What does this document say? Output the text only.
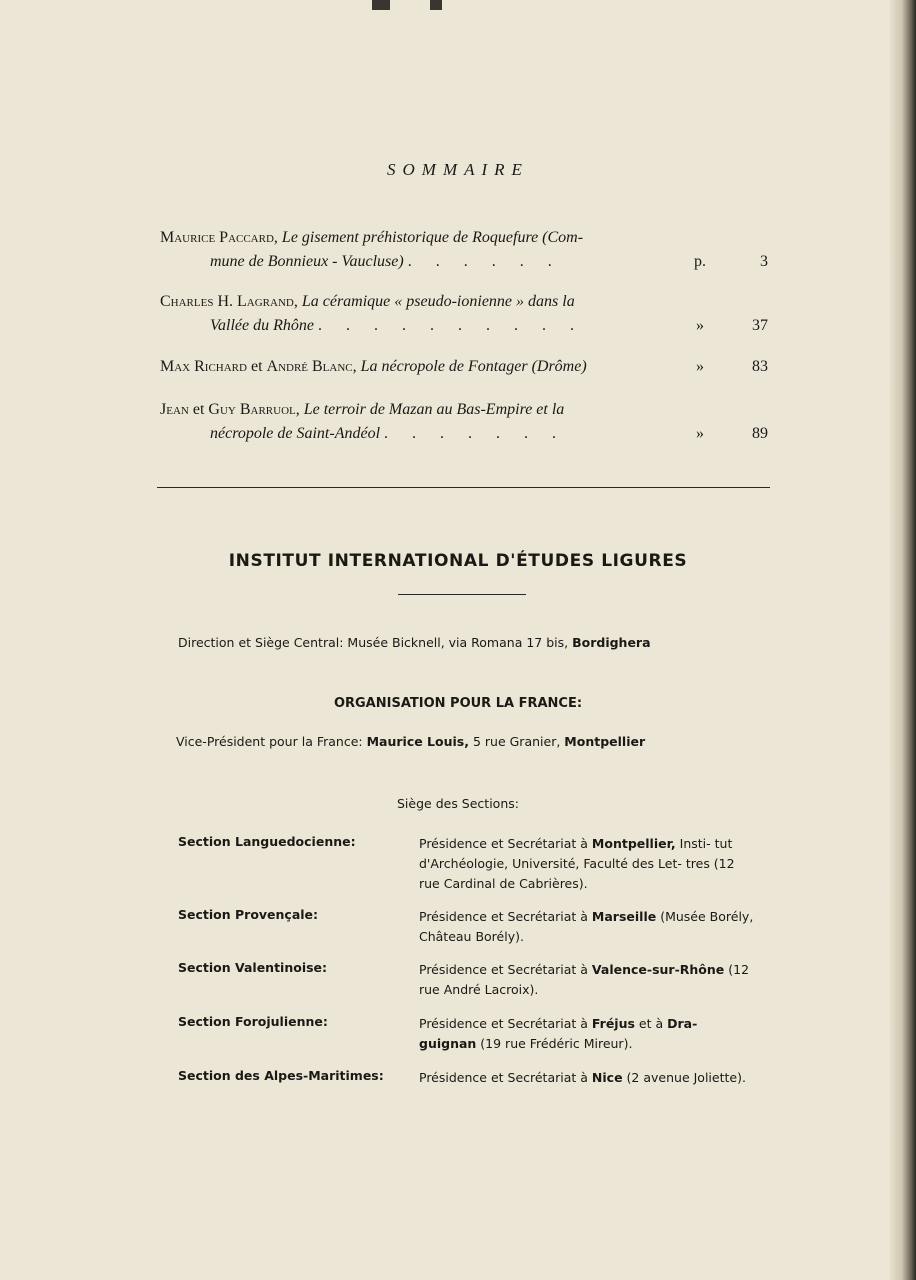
SOMMAIRE
Maurice Paccard, Le gisement préhistorique de Roquefure (Com-
mune de Bonnieux - Vaucluse) . . . . . .	p.	3
Charles H. Lagrand, La céramique « pseudo-ionienne » dans la
Vallée du Rhône . . . . . . . . . .	»	37
Max Richard et André Blanc, La nécropole de Fontager (Drôme)	»	83
Jean et Guy Barruol, Le terroir de Mazan au Bas-Empire et la
nécropole de Saint-Andéol . . . . . . .	»	89
INSTITUT INTERNATIONAL D'ÉTUDES LIGURES
Direction et Siège Central: Musée Bicknell, via Romana 17 bis, Bordighera
ORGANISATION POUR LA FRANCE:
Vice-Président pour la France: Maurice Louis, 5 rue Granier, Montpellier
Siège des Sections:
Section Languedocienne:	Présidence et Secrétariat à Montpellier, Insti- tut d'Archéologie, Université, Faculté des Let- tres (12 rue Cardinal de Cabrières).
Section Provençale:	Présidence et Secrétariat à Marseille (Musée Borély, Château Borély).
Section Valentinoise:	Présidence et Secrétariat à Valence-sur-Rhône (12 rue André Lacroix).
Section Forojulienne:	Présidence et Secrétariat à Fréjus et à Dra- guignan (19 rue Frédéric Mireur).
Section des Alpes-Maritimes:	Présidence et Secrétariat à Nice (2 avenue Joliette).
